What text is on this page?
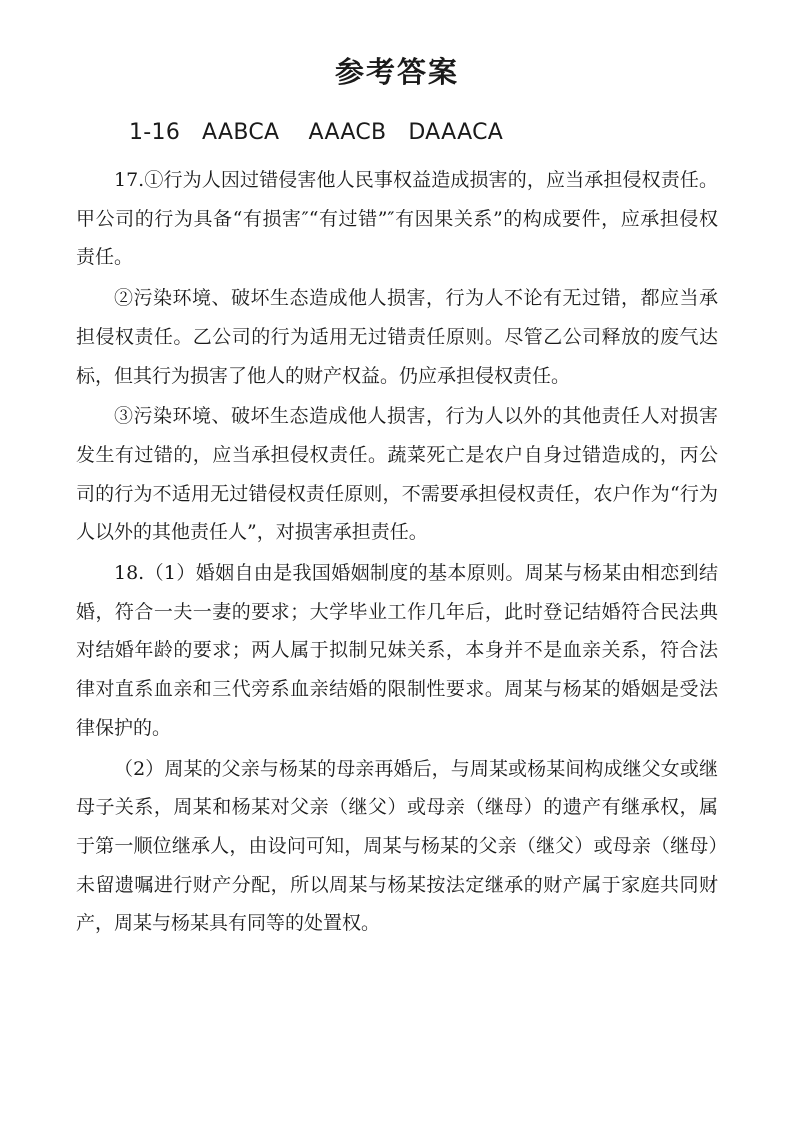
参考答案
1-16   AABCA    AAACB   DAAACA

17.①行为人因过错侵害他人民事权益造成损害的，应当承担侵权责任。甲公司的行为具备“有损害″“有过错”″有因果关系”的构成要件，应承担侵权责任。

②污染环境、破坏生态造成他人损害，行为人不论有无过错，都应当承担侵权责任。乙公司的行为适用无过错责任原则。尽管乙公司释放的废气达标，但其行为损害了他人的财产权益。仍应承担侵权责任。

③污染环境、破坏生态造成他人损害，行为人以外的其他责任人对损害发生有过错的，应当承担侵权责任。蔬菜死亡是农户自身过错造成的，丙公司的行为不适用无过错侵权责任原则，不需要承担侵权责任，农户作为“行为人以外的其他责任人”，对损害承担责任。

18.（1）婚姻自由是我国婚姻制度的基本原则。周某与杨某由相恋到结婚，符合一夫一妻的要求；大学毕业工作几年后，此时登记结婚符合民法典对结婚年龄的要求；两人属于拟制兄妹关系，本身并不是血亲关系，符合法律对直系血亲和三代旁系血亲结婚的限制性要求。周某与杨某的婚姻是受法律保护的。

（2）周某的父亲与杨某的母亲再婚后，与周某或杨某间构成继父女或继母子关系，周某和杨某对父亲（继父）或母亲（继母）的遗产有继承权，属于第一顺位继承人，由设问可知，周某与杨某的父亲（继父）或母亲（继母）未留遗嘱进行财产分配，所以周某与杨某按法定继承的财产属于家庭共同财产，周某与杨某具有同等的处置权。
